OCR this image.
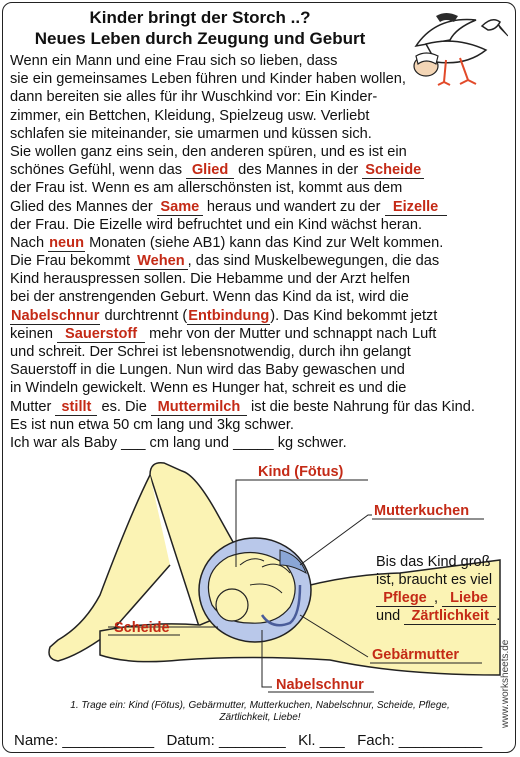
Kinder bringt der Storch ..?
Neues Leben durch Zeugung und Geburt
Wenn ein Mann und eine Frau sich so lieben, dass
sie ein gemeinsames Leben führen und Kinder haben wollen,
dann bereiten sie alles für ihr Wuschkind vor: Ein Kinder-
zimmer, ein Bettchen, Kleidung, Spielzeug usw. Verliebt
schlafen sie miteinander, sie umarmen und küssen sich.
Sie wollen ganz eins sein, den anderen spüren, und es ist ein
schönes Gefühl, wenn das Glied des Mannes in der Scheide
der Frau ist. Wenn es am allerschönsten ist, kommt aus dem
Glied des Mannes der Same heraus und wandert zu der Eizelle
der Frau. Die Eizelle wird befruchtet und ein Kind wächst heran.
Nach neun Monaten (siehe AB1) kann das Kind zur Welt kommen.
Die Frau bekommt Wehen , das sind Muskelbewegungen, die das
Kind herauspressen sollen. Die Hebamme und der Arzt helfen
bei der anstrengenden Geburt. Wenn das Kind da ist, wird die
Nabelschnur durchtrennt (Entbindung). Das Kind bekommt jetzt
keinen Sauerstoff mehr von der Mutter und schnappt nach Luft
und schreit. Der Schrei ist lebensnotwendig, durch ihn gelangt
Sauerstoff in die Lungen. Nun wird das Baby gewaschen und
in Windeln gewickelt. Wenn es Hunger hat, schreit es und die
Mutter stillt es. Die Muttermilch ist die beste Nahrung für das Kind.
Es ist nun etwa 50 cm lang und 3kg schwer.
Ich war als Baby ___ cm lang und _____ kg schwer.
Kind (Fötus)
Mutterkuchen
Scheide
Gebärmutter
Nabelschnur
Bis das Kind groß
ist, braucht es viel
Pflege , Liebe
und Zärtlichkeit .
www.worksheets.de
1. Trage ein: Kind (Fötus), Gebärmutter, Mutterkuchen, Nabelschnur, Scheide, Pflege,
Zärtlichkeit, Liebe!
Name: ___________ Datum: ________ Kl. ___ Fach: __________
